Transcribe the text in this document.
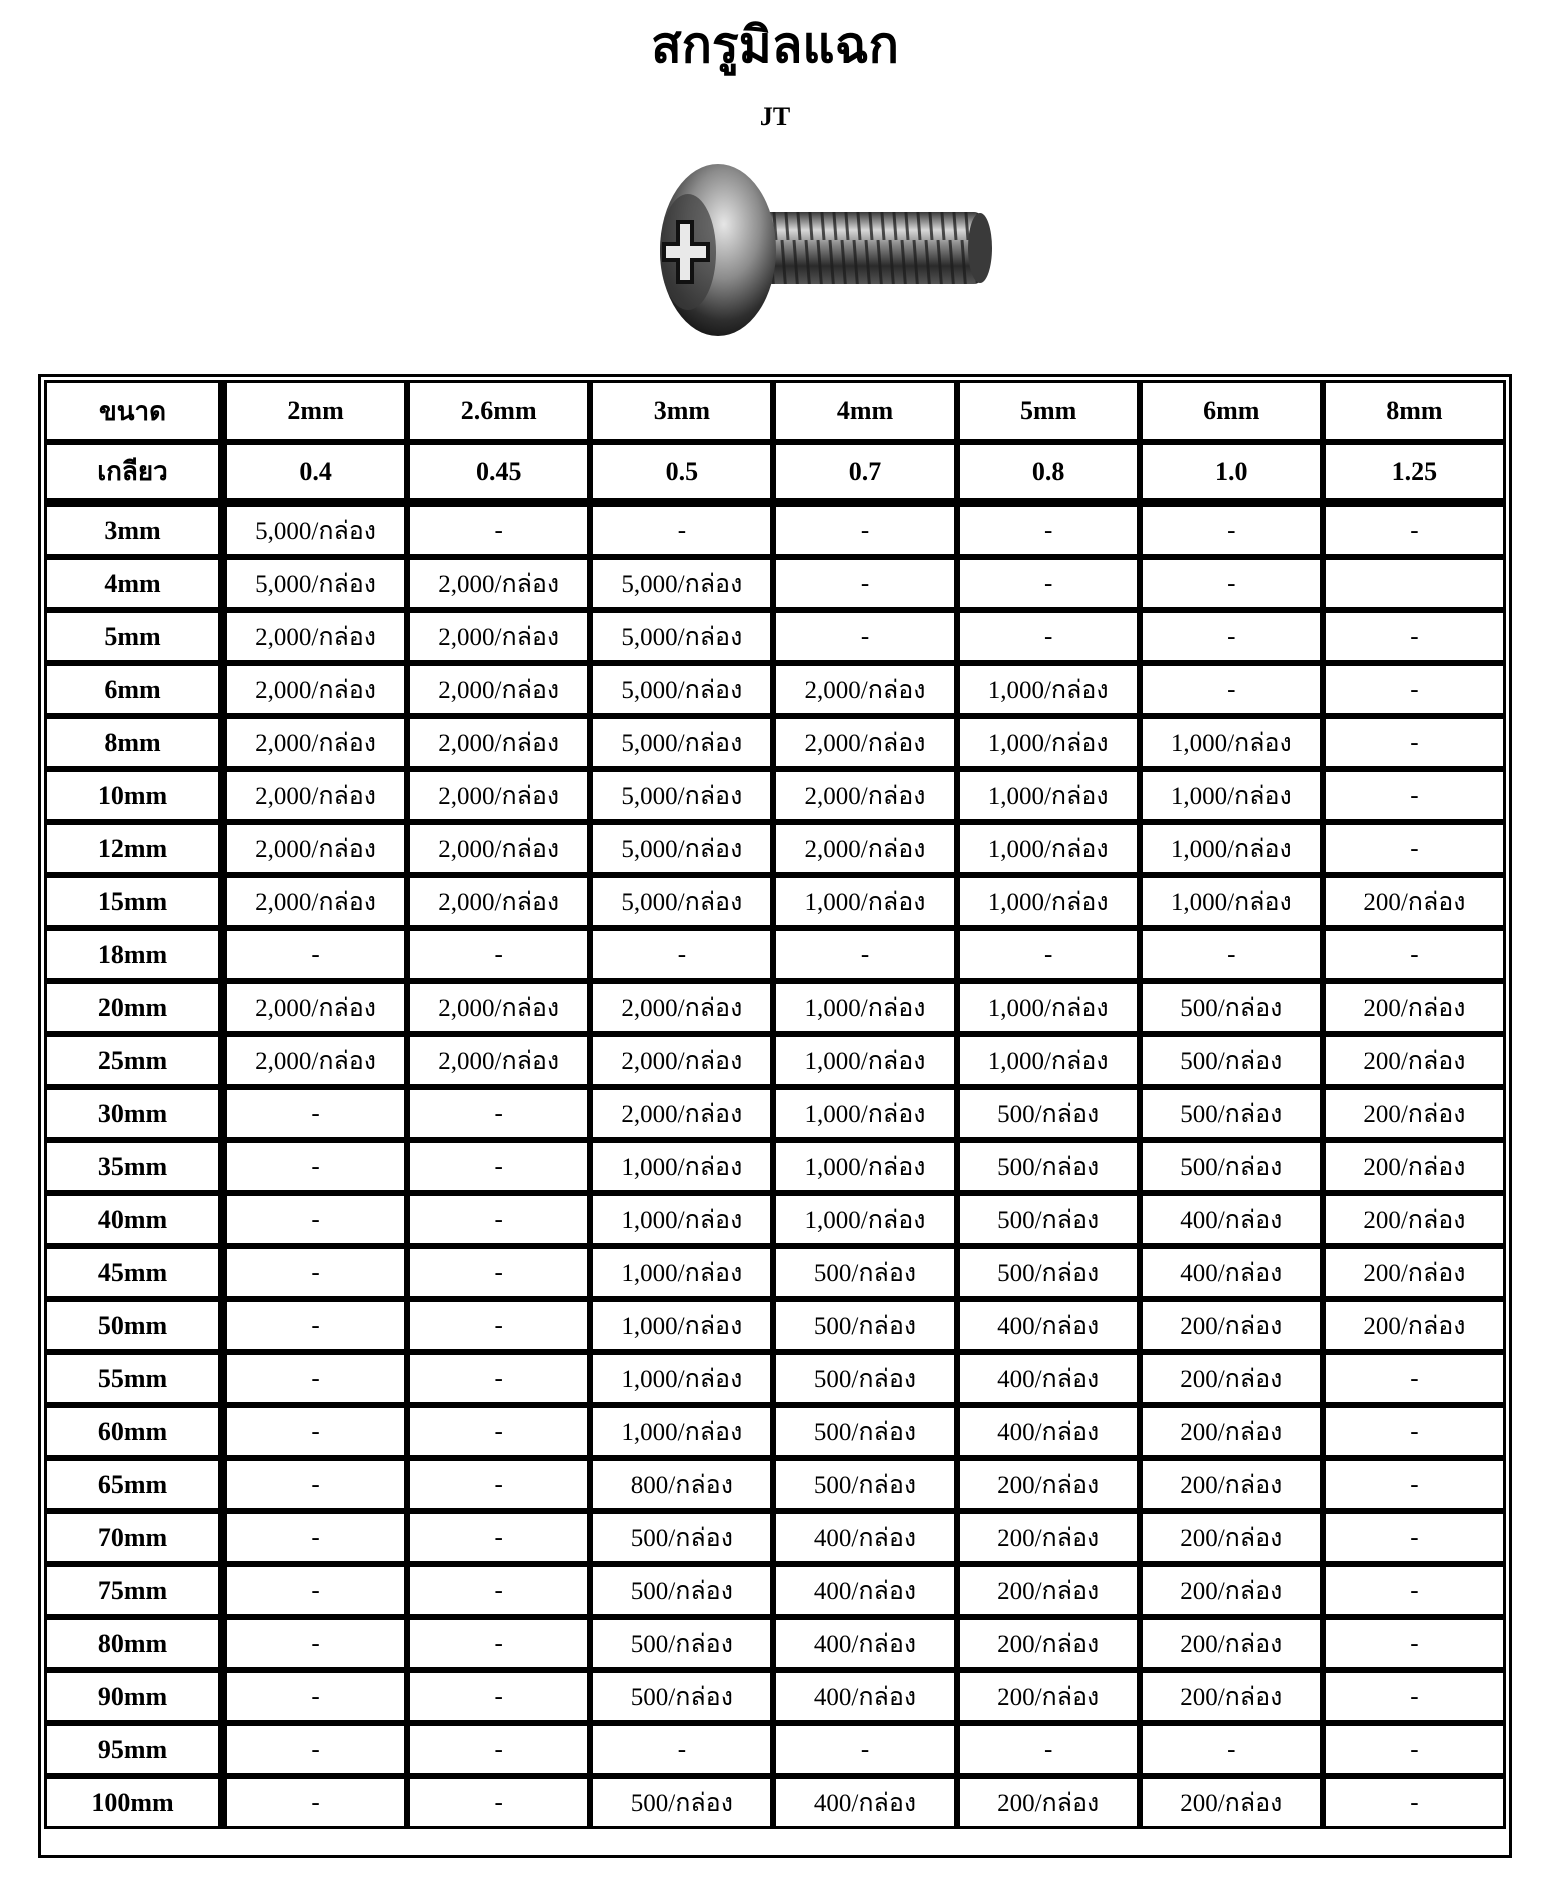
สกรูมิลแฉก
JT
ขนาด	2mm	2.6mm	3mm	4mm	5mm	6mm	8mm
เกลียว	0.4	0.45	0.5	0.7	0.8	1.0	1.25
3mm	5,000/กล่อง	-	-	-	-	-	-
4mm	5,000/กล่อง	2,000/กล่อง	5,000/กล่อง	-	-	-	
5mm	2,000/กล่อง	2,000/กล่อง	5,000/กล่อง	-	-	-	-
6mm	2,000/กล่อง	2,000/กล่อง	5,000/กล่อง	2,000/กล่อง	1,000/กล่อง	-	-
8mm	2,000/กล่อง	2,000/กล่อง	5,000/กล่อง	2,000/กล่อง	1,000/กล่อง	1,000/กล่อง	-
10mm	2,000/กล่อง	2,000/กล่อง	5,000/กล่อง	2,000/กล่อง	1,000/กล่อง	1,000/กล่อง	-
12mm	2,000/กล่อง	2,000/กล่อง	5,000/กล่อง	2,000/กล่อง	1,000/กล่อง	1,000/กล่อง	-
15mm	2,000/กล่อง	2,000/กล่อง	5,000/กล่อง	1,000/กล่อง	1,000/กล่อง	1,000/กล่อง	200/กล่อง
18mm	-	-	-	-	-	-	-
20mm	2,000/กล่อง	2,000/กล่อง	2,000/กล่อง	1,000/กล่อง	1,000/กล่อง	500/กล่อง	200/กล่อง
25mm	2,000/กล่อง	2,000/กล่อง	2,000/กล่อง	1,000/กล่อง	1,000/กล่อง	500/กล่อง	200/กล่อง
30mm	-	-	2,000/กล่อง	1,000/กล่อง	500/กล่อง	500/กล่อง	200/กล่อง
35mm	-	-	1,000/กล่อง	1,000/กล่อง	500/กล่อง	500/กล่อง	200/กล่อง
40mm	-	-	1,000/กล่อง	1,000/กล่อง	500/กล่อง	400/กล่อง	200/กล่อง
45mm	-	-	1,000/กล่อง	500/กล่อง	500/กล่อง	400/กล่อง	200/กล่อง
50mm	-	-	1,000/กล่อง	500/กล่อง	400/กล่อง	200/กล่อง	200/กล่อง
55mm	-	-	1,000/กล่อง	500/กล่อง	400/กล่อง	200/กล่อง	-
60mm	-	-	1,000/กล่อง	500/กล่อง	400/กล่อง	200/กล่อง	-
65mm	-	-	800/กล่อง	500/กล่อง	200/กล่อง	200/กล่อง	-
70mm	-	-	500/กล่อง	400/กล่อง	200/กล่อง	200/กล่อง	-
75mm	-	-	500/กล่อง	400/กล่อง	200/กล่อง	200/กล่อง	-
80mm	-	-	500/กล่อง	400/กล่อง	200/กล่อง	200/กล่อง	-
90mm	-	-	500/กล่อง	400/กล่อง	200/กล่อง	200/กล่อง	-
95mm	-	-	-	-	-	-	-
100mm	-	-	500/กล่อง	400/กล่อง	200/กล่อง	200/กล่อง	-
